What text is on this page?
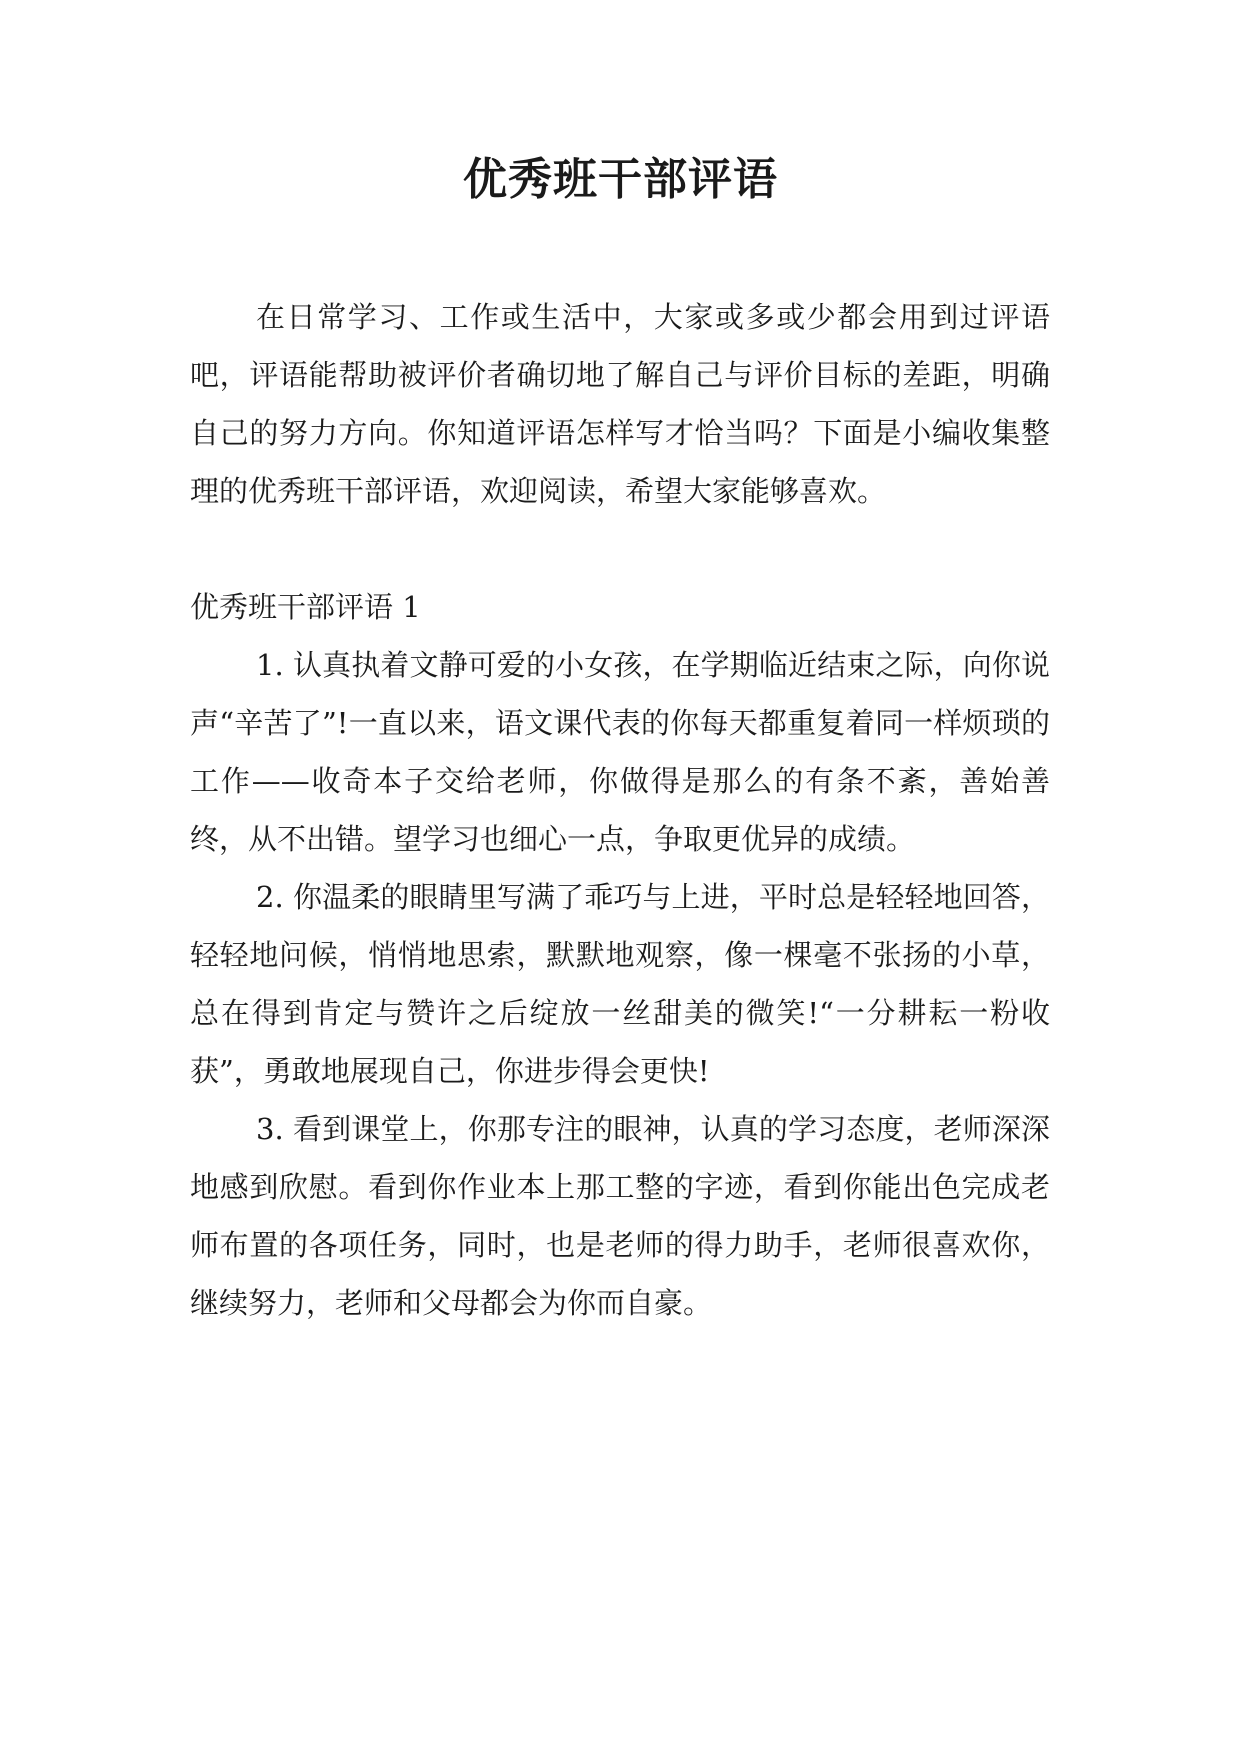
优秀班干部评语

在日常学习、工作或生活中，大家或多或少都会用到过评语吧，评语能帮助被评价者确切地了解自己与评价目标的差距，明确自己的努力方向。你知道评语怎样写才恰当吗？下面是小编收集整理的优秀班干部评语，欢迎阅读，希望大家能够喜欢。

优秀班干部评语 1

1. 认真执着文静可爱的小女孩，在学期临近结束之际，向你说声“辛苦了”!一直以来，语文课代表的你每天都重复着同一样烦琐的工作——收奇本子交给老师，你做得是那么的有条不紊，善始善终，从不出错。望学习也细心一点，争取更优异的成绩。

2. 你温柔的眼睛里写满了乖巧与上进，平时总是轻轻地回答，轻轻地问候，悄悄地思索，默默地观察，像一棵毫不张扬的小草，总在得到肯定与赞许之后绽放一丝甜美的微笑!“一分耕耘一粉收获”，勇敢地展现自己，你进步得会更快!

3. 看到课堂上，你那专注的眼神，认真的学习态度，老师深深地感到欣慰。看到你作业本上那工整的字迹，看到你能出色完成老师布置的各项任务，同时，也是老师的得力助手，老师很喜欢你，继续努力，老师和父母都会为你而自豪。
